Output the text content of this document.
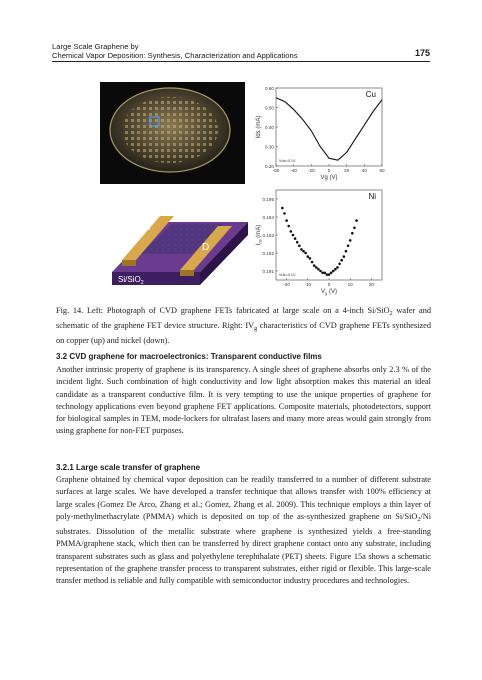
Large Scale Graphene by
Chemical Vapor Deposition: Synthesis, Characterization and Applications	175
S
D
Si/SiO$_2$
0.60
0.50
0.40
0.30
0.20
-60 -40 -20	0	20	40	60
Cu
Vds=0.1V
Vg (V)
Ids (mA)
0.195
0.194
0.193
0.192
0.191
-20	-10	0	10	20
Ni
Vds=0.1V
$V_g$ (V)
$I_{ds}$ (mA)
Fig. 14. Left: Photograph of CVD graphene FETs fabricated at large scale on a 4-inch Si/SiO$_2$ wafer and schematic of the graphene FET device structure. Right: $IV_g$ characteristics of CVD graphene FETs synthesized on copper (up) and nickel (down).
3.2 CVD graphene for macroelectronics: Transparent conductive films
Another intrinsic property of graphene is its transparency. A single sheet of graphene absorbs only 2.3 % of the incident light. Such combination of high conductivity and low light absorption makes this material an ideal candidate as a transparent conductive film. It is very tempting to use the unique properties of graphene for technology applications even beyond graphene FET applications. Composite materials, photodetectors, support for biological samples in TEM, mode-lockers for ultrafast lasers and many more areas would gain strongly from using graphene for non-FET purposes.
3.2.1 Large scale transfer of graphene
Graphene obtained by chemical vapor deposition can be readily transferred to a number of different substrate surfaces at large scales. We have developed a transfer technique that allows transfer with 100% efficiency at large scales (Gomez De Arco, Zhang et al.; Gomez, Zhang et al. 2009). This technique employs a thin layer of poly-methylmethacrylate (PMMA) which is deposited on top of the as-synthesized graphene on Si/SiO$_2$/Ni substrates. Dissolution of the metallic substrate where graphene is synthesized yields a free-standing PMMA/graphene stack, which then can be transferred by direct graphene contact onto any substrate, including transparent substrates such as glass and polyethylene terephthalate (PET) sheets. Figure 15a shows a schematic representation of the graphene transfer process to transparent substrates, either rigid or flexible. This large-scale transfer method is reliable and fully compatible with semiconductor industry procedures and technologies.
